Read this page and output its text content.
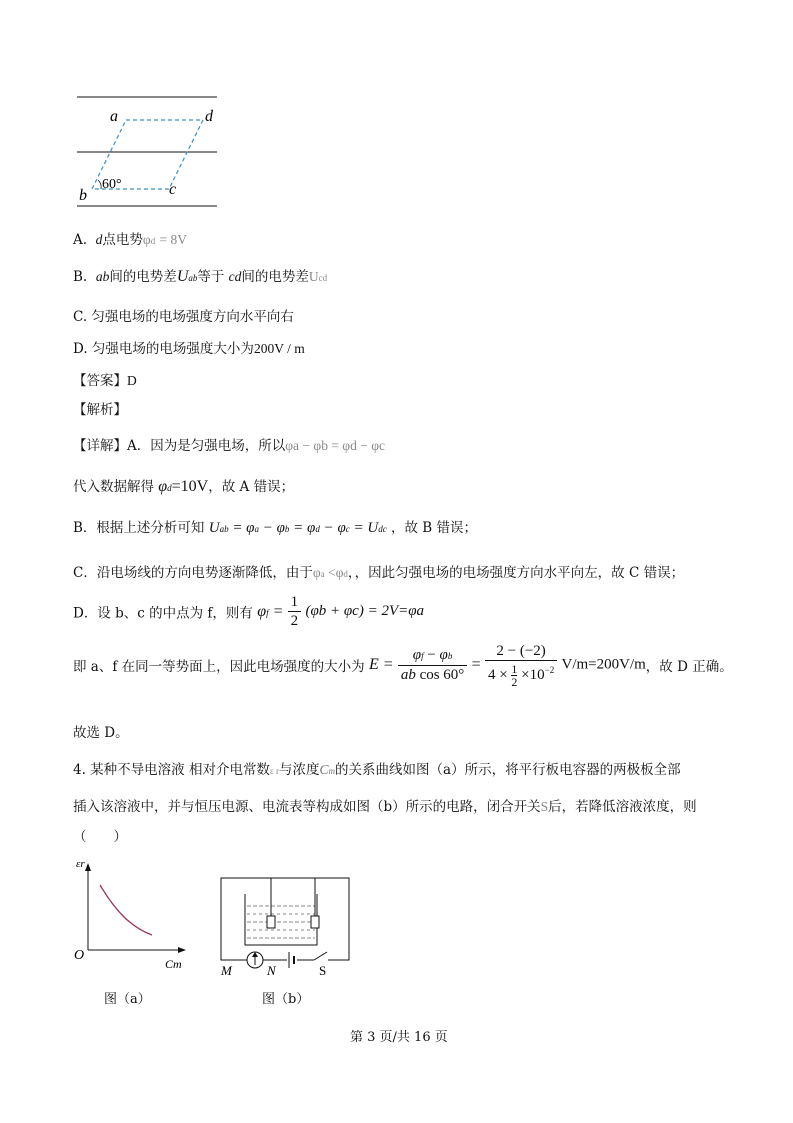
a	d
b	c
60°
A. d点电势φd = 8V
B. ab间的电势差Uab等于 cd间的电势差Ucd
C. 匀强电场的电场强度方向水平向右
D. 匀强电场的电场强度大小为200V / m
【答案】D
【解析】
【详解】A．因为是匀强电场，所以φa − φb = φd − φc
代入数据解得 φd=10V，故 A 错误；
B．根据上述分析可知 Uab = φa − φb = φd − φc = Udc ，故 B 错误；
C．沿电场线的方向电势逐渐降低，由于φa <φd，，因此匀强电场的电场强度方向水平向左，故 C 错误；
D．设 b、c 的中点为 f，则有 $\varphi f = \frac{1}{2} (\varphi b + \varphi c) = 2V=\varphi a$
即 a、f 在同一等势面上，因此电场强度的大小为 $E = \frac{\varphi f - \varphi b}{\text{ab cos 60°}} = \frac{2 - (-2)}{4 \times \frac{1}{2} \times 10^{-2}} V/m=200V/m$，故 D 正确。
故选 D。
4. 某种不导电溶液 相对介电常数ε r与浓度Cm的关系曲线如图（a）所示，将平行板电容器的两极板全部
插入该溶液中，并与恒压电源、电流表等构成如图（b）所示的电路，闭合开关S后，若降低溶液浓度，则
（　　）
εr
Cm
O
图（a）
M	N	S
图（b）
第 3 页/共 16 页
